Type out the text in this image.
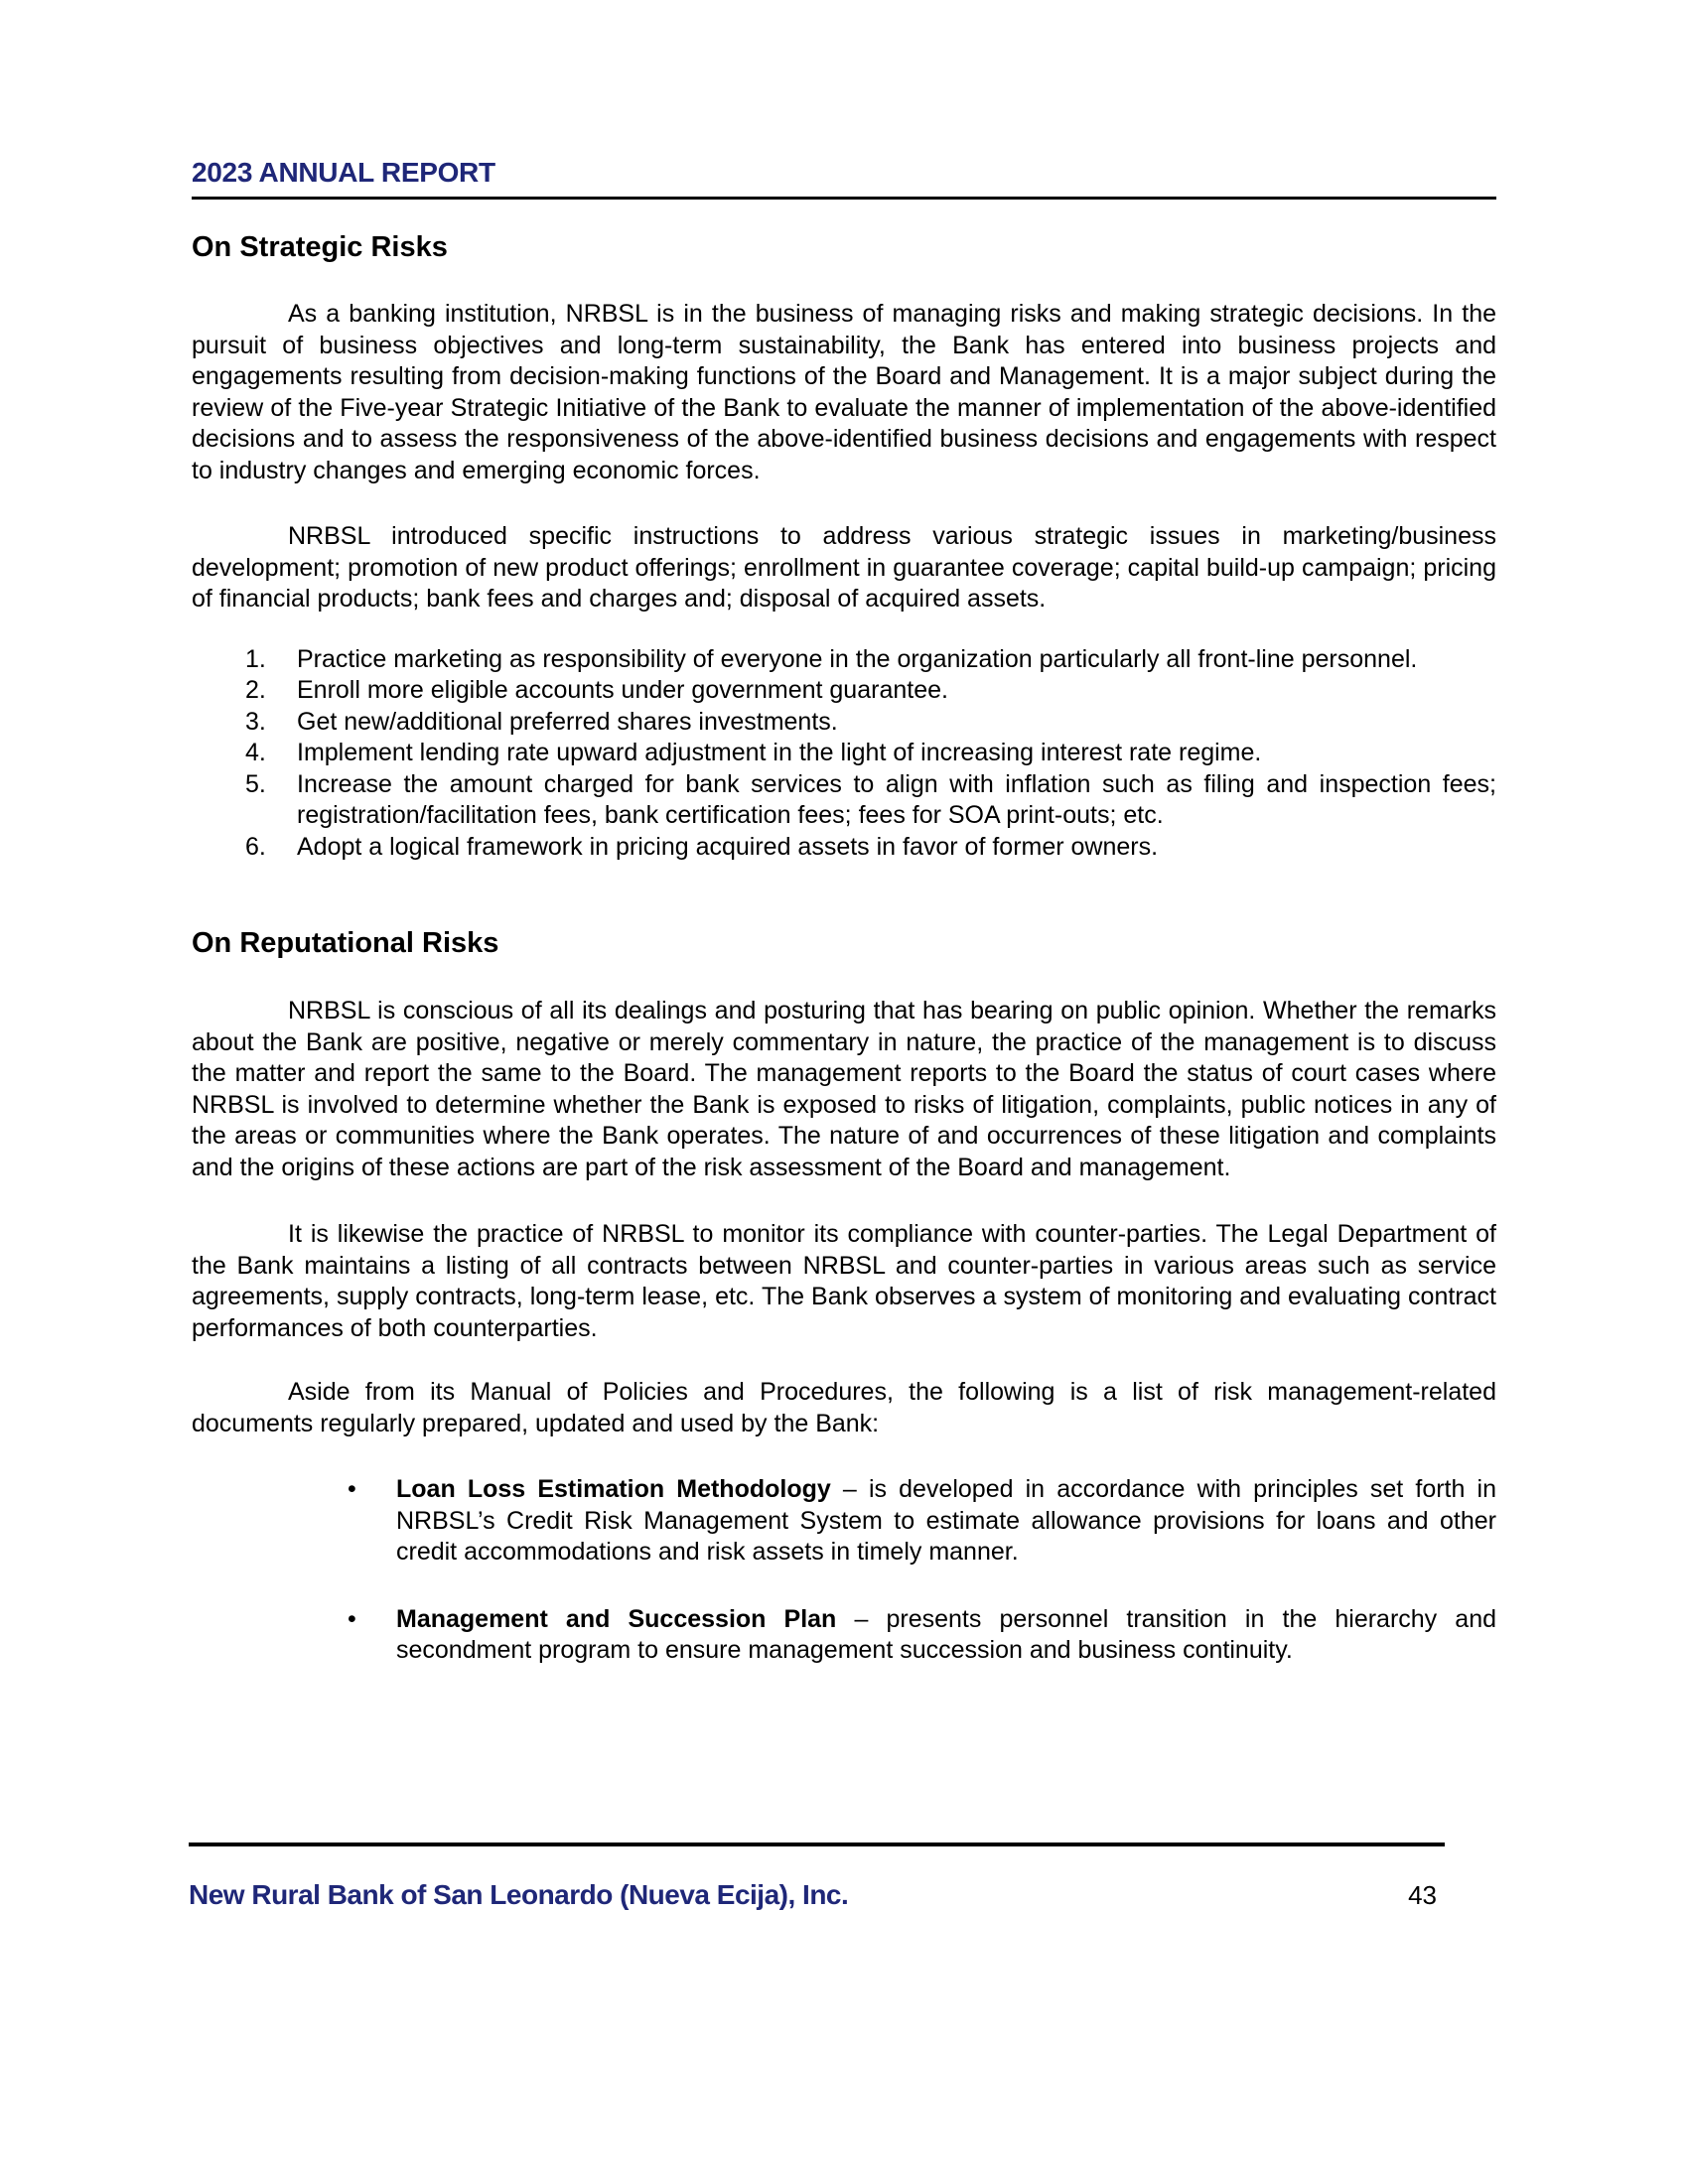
2023 ANNUAL REPORT
On Strategic Risks

As a banking institution, NRBSL is in the business of managing risks and making strategic decisions. In the pursuit of business objectives and long-term sustainability, the Bank has entered into business projects and engagements resulting from decision-making functions of the Board and Management. It is a major subject during the review of the Five-year Strategic Initiative of the Bank to evaluate the manner of implementation of the above-identified decisions and to assess the responsiveness of the above-identified business decisions and engagements with respect to industry changes and emerging economic forces.

NRBSL introduced specific instructions to address various strategic issues in marketing/business development; promotion of new product offerings; enrollment in guarantee coverage; capital build-up campaign; pricing of financial products; bank fees and charges and; disposal of acquired assets.

1.	Practice marketing as responsibility of everyone in the organization particularly all front-line personnel.
2.	Enroll more eligible accounts under government guarantee.
3.	Get new/additional preferred shares investments.
4.	Implement lending rate upward adjustment in the light of increasing interest rate regime.
5.	Increase the amount charged for bank services to align with inflation such as filing and inspection fees; registration/facilitation fees, bank certification fees; fees for SOA print-outs; etc.
6.	Adopt a logical framework in pricing acquired assets in favor of former owners.
On Reputational Risks

NRBSL is conscious of all its dealings and posturing that has bearing on public opinion. Whether the remarks about the Bank are positive, negative or merely commentary in nature, the practice of the management is to discuss the matter and report the same to the Board. The management reports to the Board the status of court cases where NRBSL is involved to determine whether the Bank is exposed to risks of litigation, complaints, public notices in any of the areas or communities where the Bank operates. The nature of and occurrences of these litigation and complaints and the origins of these actions are part of the risk assessment of the Board and management.

It is likewise the practice of NRBSL to monitor its compliance with counter-parties. The Legal Department of the Bank maintains a listing of all contracts between NRBSL and counter-parties in various areas such as service agreements, supply contracts, long-term lease, etc. The Bank observes a system of monitoring and evaluating contract performances of both counterparties.

Aside from its Manual of Policies and Procedures, the following is a list of risk management-related documents regularly prepared, updated and used by the Bank:

•	Loan Loss Estimation Methodology – is developed in accordance with principles set forth in NRBSL’s Credit Risk Management System to estimate allowance provisions for loans and other credit accommodations and risk assets in timely manner.
•	Management and Succession Plan – presents personnel transition in the hierarchy and secondment program to ensure management succession and business continuity.
New Rural Bank of San Leonardo (Nueva Ecija), Inc.	43
